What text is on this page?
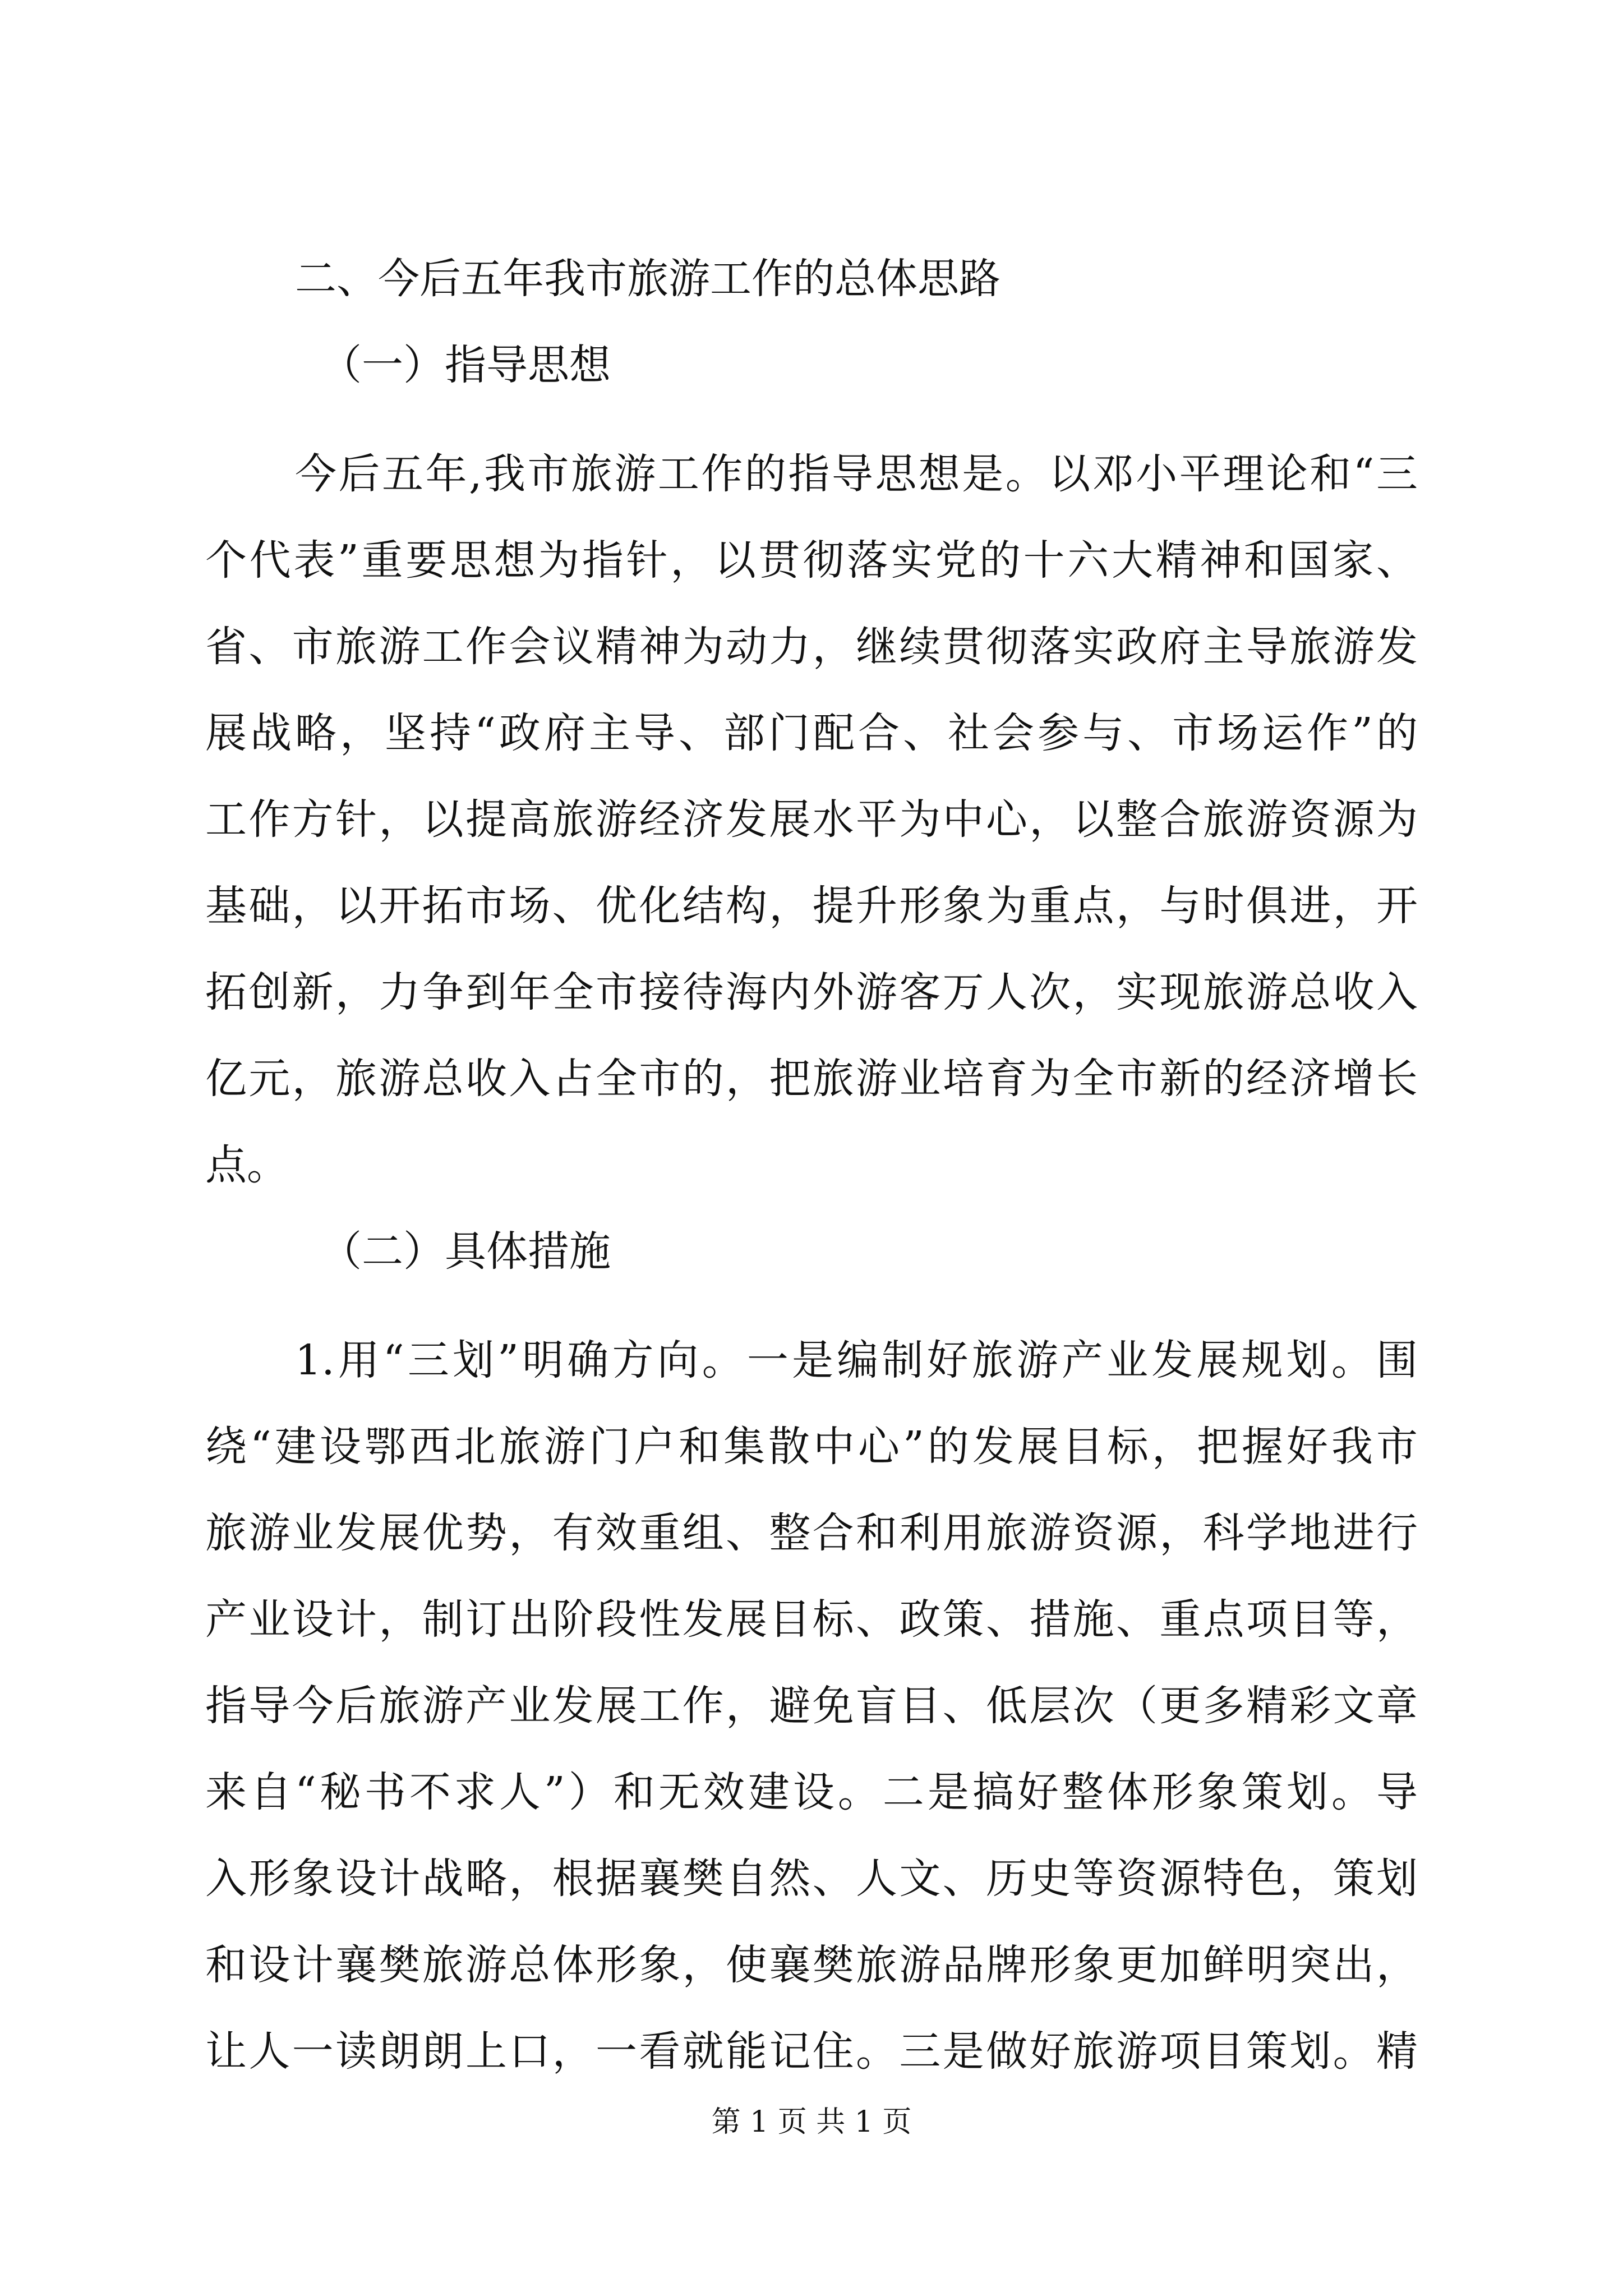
二、今后五年我市旅游工作的总体思路

（一）指导思想

今后五年,我市旅游工作的指导思想是。以邓小平理论和“三
个代表”重要思想为指针，以贯彻落实党的十六大精神和国家、
省、市旅游工作会议精神为动力，继续贯彻落实政府主导旅游发
展战略，坚持“政府主导、部门配合、社会参与、市场运作”的
工作方针，以提高旅游经济发展水平为中心，以整合旅游资源为
基础，以开拓市场、优化结构，提升形象为重点，与时俱进，开
拓创新，力争到年全市接待海内外游客万人次，实现旅游总收入
亿元，旅游总收入占全市的，把旅游业培育为全市新的经济增长
点。

（二）具体措施

1.用“三划”明确方向。一是编制好旅游产业发展规划。围
绕“建设鄂西北旅游门户和集散中心”的发展目标，把握好我市
旅游业发展优势，有效重组、整合和利用旅游资源，科学地进行
产业设计，制订出阶段性发展目标、政策、措施、重点项目等，
指导今后旅游产业发展工作，避免盲目、低层次（更多精彩文章
来自“秘书不求人”）和无效建设。二是搞好整体形象策划。导
入形象设计战略，根据襄樊自然、人文、历史等资源特色，策划
和设计襄樊旅游总体形象，使襄樊旅游品牌形象更加鲜明突出，
让人一读朗朗上口，一看就能记住。三是做好旅游项目策划。精
第 1 页 共 1 页
